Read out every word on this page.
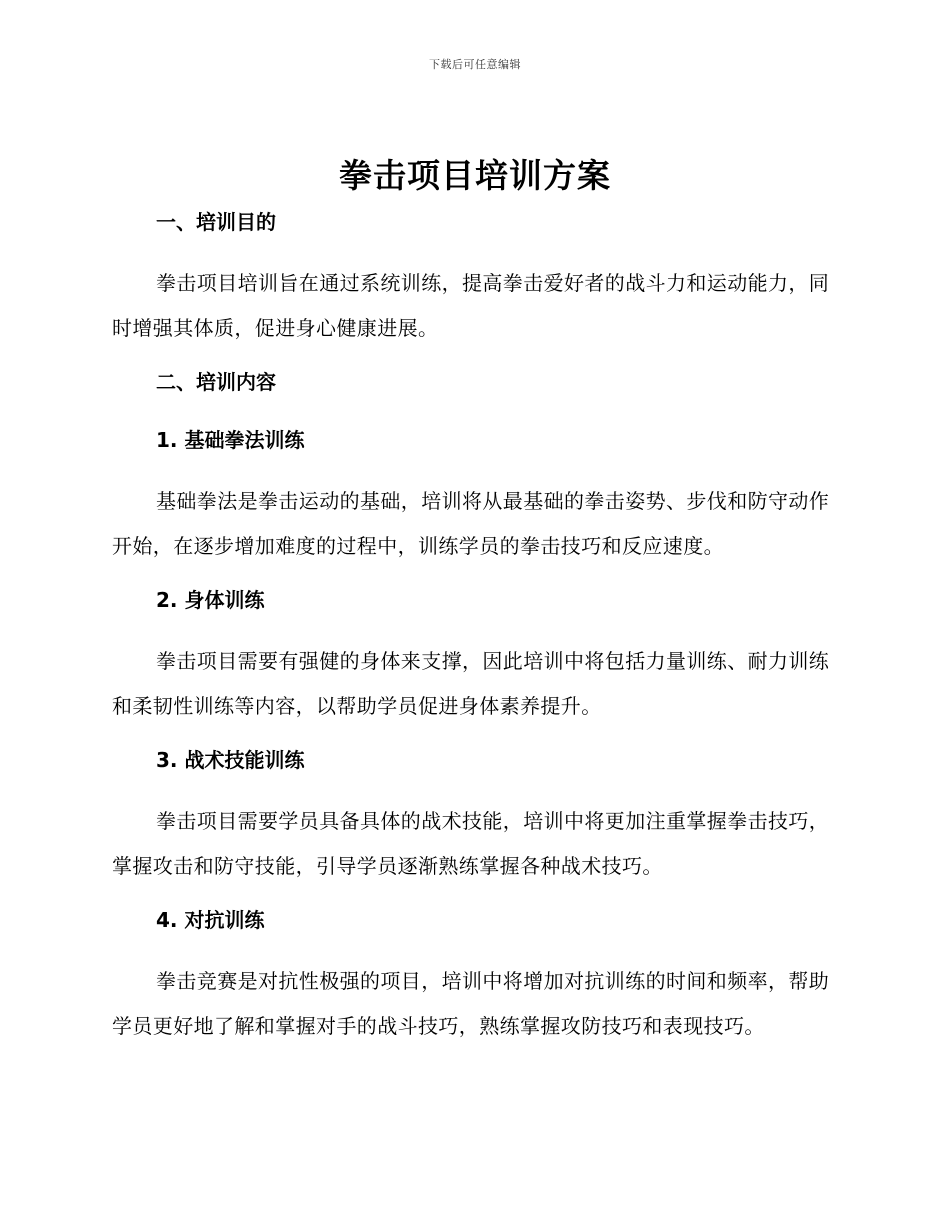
下载后可任意编辑
拳击项目培训方案
一、培训目的

拳击项目培训旨在通过系统训练，提高拳击爱好者的战斗力和运动能力，同时增强其体质，促进身心健康进展。

二、培训内容
1. 基础拳法训练

基础拳法是拳击运动的基础，培训将从最基础的拳击姿势、步伐和防守动作开始，在逐步增加难度的过程中，训练学员的拳击技巧和反应速度。

2. 身体训练

拳击项目需要有强健的身体来支撑，因此培训中将包括力量训练、耐力训练和柔韧性训练等内容，以帮助学员促进身体素养提升。

3. 战术技能训练

拳击项目需要学员具备具体的战术技能，培训中将更加注重掌握拳击技巧，掌握攻击和防守技能，引导学员逐渐熟练掌握各种战术技巧。

4. 对抗训练

拳击竞赛是对抗性极强的项目，培训中将增加对抗训练的时间和频率，帮助学员更好地了解和掌握对手的战斗技巧，熟练掌握攻防技巧和表现技巧。
